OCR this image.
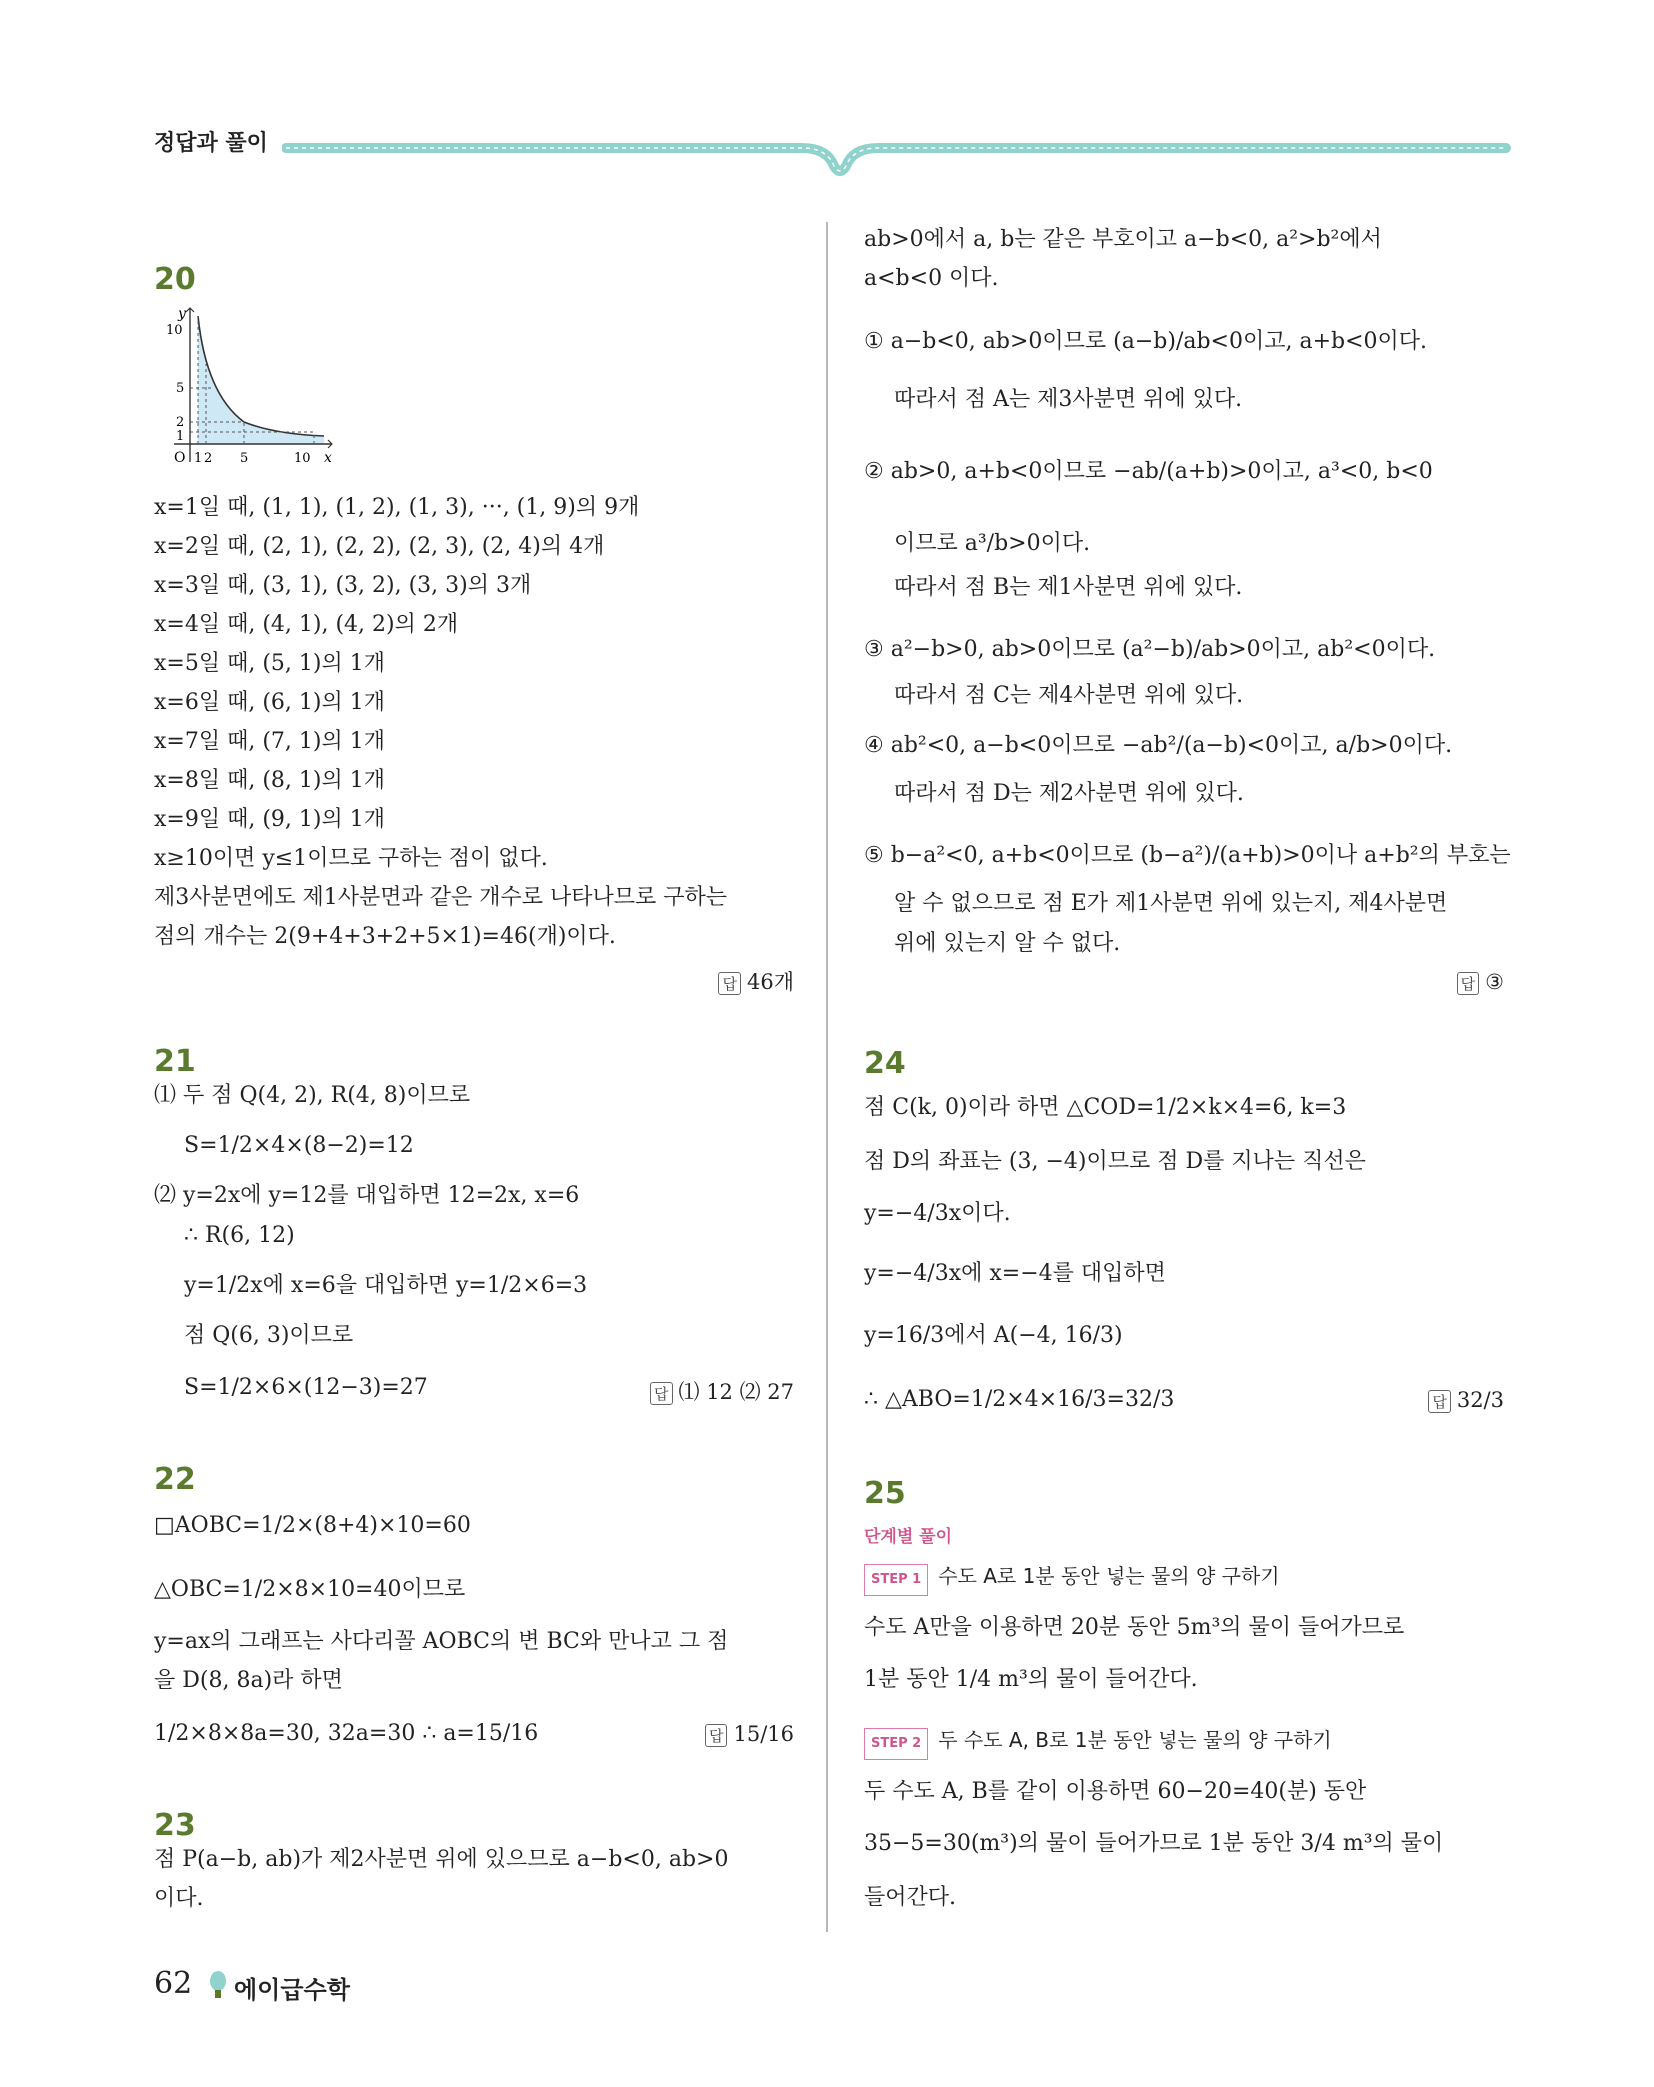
정답과 풀이
20
y
x
O
10
5
2
1
1 2 5	10
x=1일 때, (1, 1), (1, 2), (1, 3), ···, (1, 9)의 9개
x=2일 때, (2, 1), (2, 2), (2, 3), (2, 4)의 4개
x=3일 때, (3, 1), (3, 2), (3, 3)의 3개
x=4일 때, (4, 1), (4, 2)의 2개
x=5일 때, (5, 1)의 1개
x=6일 때, (6, 1)의 1개
x=7일 때, (7, 1)의 1개
x=8일 때, (8, 1)의 1개
x=9일 때, (9, 1)의 1개
x≥10이면 y≤1이므로 구하는 점이 없다.
제3사분면에도 제1사분면과 같은 개수로 나타나므로 구하는
점의 개수는 2(9+4+3+2+5×1)=46(개)이다.
답 46개
21
⑴ 두 점 Q(4, 2), R(4, 8)이므로
S=1/2×4×(8−2)=12
⑵ y=2x에 y=12를 대입하면 12=2x, x=6
∴ R(6, 12)
y=1/2x에 x=6을 대입하면 y=1/2×6=3
점 Q(6, 3)이므로
S=1/2×6×(12−3)=27	답 ⑴ 12 ⑵ 27
22
□AOBC=1/2×(8+4)×10=60
△OBC=1/2×8×10=40이므로
y=ax의 그래프는 사다리꼴 AOBC의 변 BC와 만나고 그 점
을 D(8, 8a)라 하면
1/2×8×8a=30, 32a=30 ∴ a=15/16	답 15/16
23
점 P(a−b, ab)가 제2사분면 위에 있으므로 a−b<0, ab>0
이다.
ab>0에서 a, b는 같은 부호이고 a−b<0, a²>b²에서
a<b<0 이다.
① a−b<0, ab>0이므로 (a−b)/ab<0이고, a+b<0이다.
따라서 점 A는 제3사분면 위에 있다.
② ab>0, a+b<0이므로 −ab/(a+b)>0이고, a³<0, b<0
이므로 a³/b>0이다.
따라서 점 B는 제1사분면 위에 있다.
③ a²−b>0, ab>0이므로 (a²−b)/ab>0이고, ab²<0이다.
따라서 점 C는 제4사분면 위에 있다.
④ ab²<0, a−b<0이므로 −ab²/(a−b)<0이고, a/b>0이다.
따라서 점 D는 제2사분면 위에 있다.
⑤ b−a²<0, a+b<0이므로 (b−a²)/(a+b)>0이나 a+b²의 부호는
알 수 없으므로 점 E가 제1사분면 위에 있는지, 제4사분면
위에 있는지 알 수 없다.
답 ③
24
점 C(k, 0)이라 하면 △COD=1/2×k×4=6, k=3
점 D의 좌표는 (3, −4)이므로 점 D를 지나는 직선은
y=−4/3x이다.
y=−4/3x에 x=−4를 대입하면
y=16/3에서 A(−4, 16/3)
∴ △ABO=1/2×4×16/3=32/3	답 32/3
25
단계별 풀이
STEP 1 수도 A로 1분 동안 넣는 물의 양 구하기
수도 A만을 이용하면 20분 동안 5m³의 물이 들어가므로
1분 동안 1/4 m³의 물이 들어간다.
STEP 2 두 수도 A, B로 1분 동안 넣는 물의 양 구하기
두 수도 A, B를 같이 이용하면 60−20=40(분) 동안
35−5=30(m³)의 물이 들어가므로 1분 동안 3/4 m³의 물이
들어간다.
62 에이급수학
